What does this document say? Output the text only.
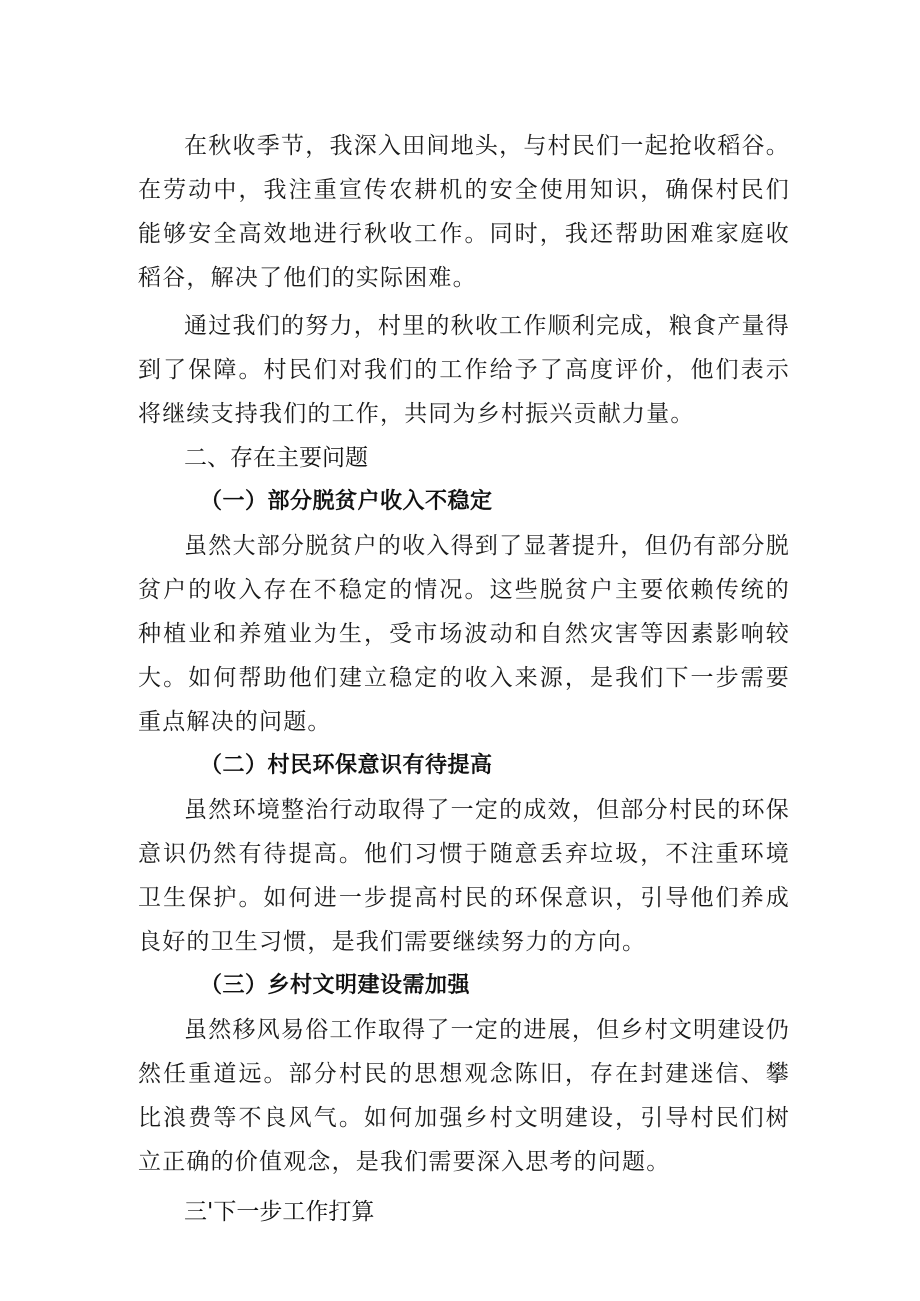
在秋收季节，我深入田间地头，与村民们一起抢收稻谷。在劳动中，我注重宣传农耕机的安全使用知识，确保村民们能够安全高效地进行秋收工作。同时，我还帮助困难家庭收稻谷，解决了他们的实际困难。

通过我们的努力，村里的秋收工作顺利完成，粮食产量得到了保障。村民们对我们的工作给予了高度评价，他们表示将继续支持我们的工作，共同为乡村振兴贡献力量。

二、存在主要问题
（一）部分脱贫户收入不稳定

虽然大部分脱贫户的收入得到了显著提升，但仍有部分脱贫户的收入存在不稳定的情况。这些脱贫户主要依赖传统的种植业和养殖业为生，受市场波动和自然灾害等因素影响较大。如何帮助他们建立稳定的收入来源，是我们下一步需要重点解决的问题。

（二）村民环保意识有待提高

虽然环境整治行动取得了一定的成效，但部分村民的环保意识仍然有待提高。他们习惯于随意丢弃垃圾，不注重环境卫生保护。如何进一步提高村民的环保意识，引导他们养成良好的卫生习惯，是我们需要继续努力的方向。

（三）乡村文明建设需加强

虽然移风易俗工作取得了一定的进展，但乡村文明建设仍然任重道远。部分村民的思想观念陈旧，存在封建迷信、攀比浪费等不良风气。如何加强乡村文明建设，引导村民们树立正确的价值观念，是我们需要深入思考的问题。

三'下一步工作打算
